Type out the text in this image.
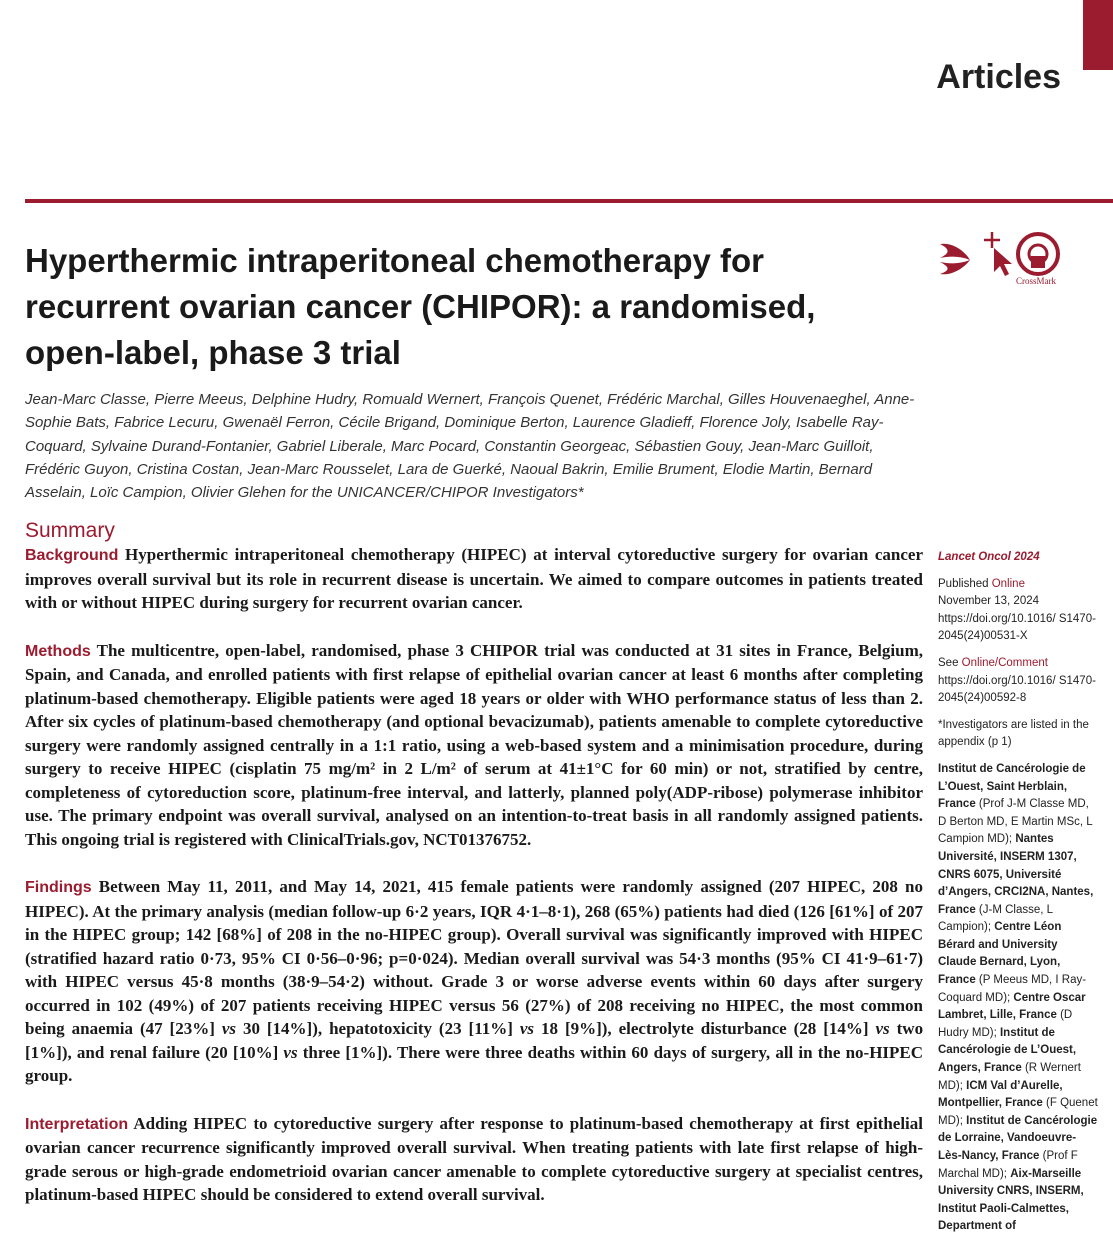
Articles
Hyperthermic intraperitoneal chemotherapy for recurrent ovarian cancer (CHIPOR): a randomised, open-label, phase 3 trial
CrossMark
Jean-Marc Classe, Pierre Meeus, Delphine Hudry, Romuald Wernert, François Quenet, Frédéric Marchal, Gilles Houvenaeghel, Anne-Sophie Bats, Fabrice Lecuru, Gwenaël Ferron, Cécile Brigand, Dominique Berton, Laurence Gladieff, Florence Joly, Isabelle Ray-Coquard, Sylvaine Durand-Fontanier, Gabriel Liberale, Marc Pocard, Constantin Georgeac, Sébastien Gouy, Jean-Marc Guilloit, Frédéric Guyon, Cristina Costan, Jean-Marc Rousselet, Lara de Guerké, Naoual Bakrin, Emilie Brument, Elodie Martin, Bernard Asselain, Loïc Campion, Olivier Glehen for the UNICANCER/CHIPOR Investigators*
Summary

Background Hyperthermic intraperitoneal chemotherapy (HIPEC) at interval cytoreductive surgery for ovarian cancer improves overall survival but its role in recurrent disease is uncertain. We aimed to compare outcomes in patients treated with or without HIPEC during surgery for recurrent ovarian cancer.

Methods The multicentre, open-label, randomised, phase 3 CHIPOR trial was conducted at 31 sites in France, Belgium, Spain, and Canada, and enrolled patients with first relapse of epithelial ovarian cancer at least 6 months after completing platinum-based chemotherapy. Eligible patients were aged 18 years or older with WHO performance status of less than 2. After six cycles of platinum-based chemotherapy (and optional bevacizumab), patients amenable to complete cytoreductive surgery were randomly assigned centrally in a 1:1 ratio, using a web-based system and a minimisation procedure, during surgery to receive HIPEC (cisplatin 75 mg/m² in 2 L/m² of serum at 41±1°C for 60 min) or not, stratified by centre, completeness of cytoreduction score, platinum-free interval, and latterly, planned poly(ADP-ribose) polymerase inhibitor use. The primary endpoint was overall survival, analysed on an intention-to-treat basis in all randomly assigned patients. This ongoing trial is registered with ClinicalTrials.gov, NCT01376752.

Findings Between May 11, 2011, and May 14, 2021, 415 female patients were randomly assigned (207 HIPEC, 208 no HIPEC). At the primary analysis (median follow-up 6·2 years, IQR 4·1–8·1), 268 (65%) patients had died (126 [61%] of 207 in the HIPEC group; 142 [68%] of 208 in the no-HIPEC group). Overall survival was significantly improved with HIPEC (stratified hazard ratio 0·73, 95% CI 0·56–0·96; p=0·024). Median overall survival was 54·3 months (95% CI 41·9–61·7) with HIPEC versus 45·8 months (38·9–54·2) without. Grade 3 or worse adverse events within 60 days after surgery occurred in 102 (49%) of 207 patients receiving HIPEC versus 56 (27%) of 208 receiving no HIPEC, the most common being anaemia (47 [23%] vs 30 [14%]), hepatotoxicity (23 [11%] vs 18 [9%]), electrolyte disturbance (28 [14%] vs two [1%]), and renal failure (20 [10%] vs three [1%]). There were three deaths within 60 days of surgery, all in the no-HIPEC group.

Interpretation Adding HIPEC to cytoreductive surgery after response to platinum-based chemotherapy at first epithelial ovarian cancer recurrence significantly improved overall survival. When treating patients with late first relapse of high-grade serous or high-grade endometrioid ovarian cancer amenable to complete cytoreductive surgery at specialist centres, platinum-based HIPEC should be considered to extend overall survival.

Lancet Oncol 2024
Published Online
November 13, 2024
https://doi.org/10.1016/ S1470-2045(24)00531-X
See Online/Comment
https://doi.org/10.1016/ S1470-2045(24)00592-8
*Investigators are listed in the appendix (p 1)
Institut de Cancérologie de L’Ouest, Saint Herblain, France (Prof J-M Classe MD, D Berton MD, E Martin MSc, L Campion MD); Nantes Université, INSERM 1307, CNRS 6075, Université d’Angers, CRCI2NA, Nantes, France (J-M Classe, L Campion); Centre Léon Bérard and University Claude Bernard, Lyon, France (P Meeus MD, I Ray-Coquard MD); Centre Oscar Lambret, Lille, France (D Hudry MD); Institut de Cancérologie de L’Ouest, Angers, France (R Wernert MD); ICM Val d’Aurelle, Montpellier, France (F Quenet MD); Institut de Cancérologie de Lorraine, Vandoeuvre-Lès-Nancy, France (Prof F Marchal MD); Aix-Marseille University CNRS, INSERM, Institut Paoli-Calmettes, Department of
